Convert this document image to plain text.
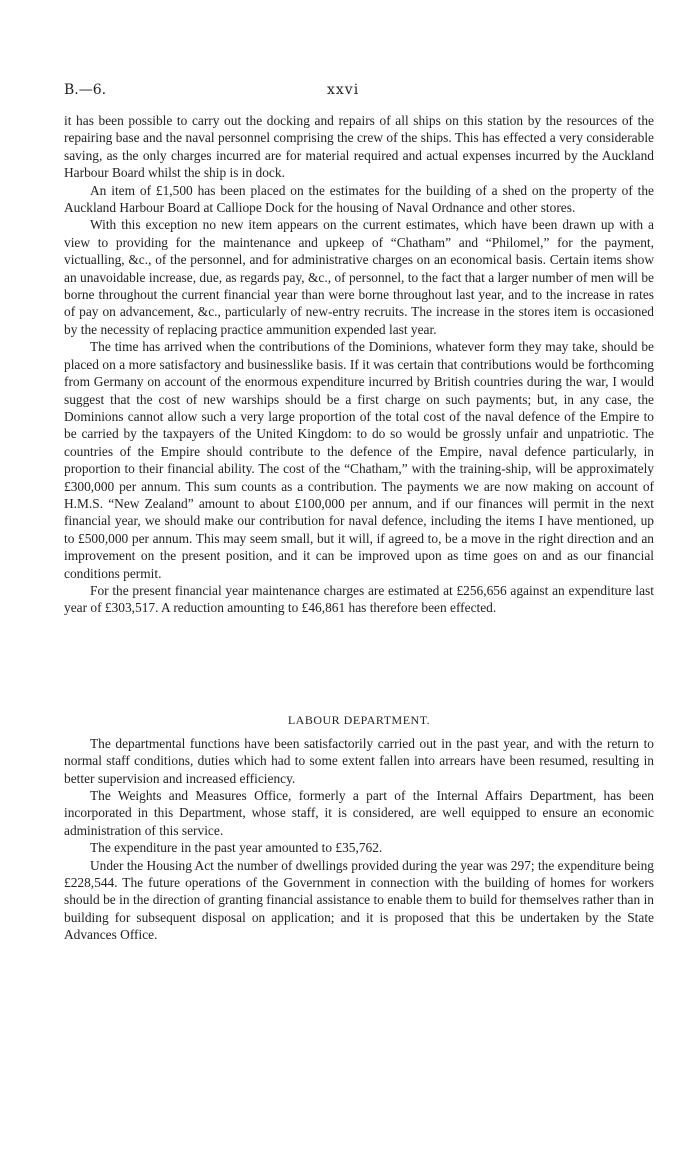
B.—6.	xxvi

it has been possible to carry out the docking and repairs of all ships on this station by the resources of the repairing base and the naval personnel comprising the crew of the ships. This has effected a very considerable saving, as the only charges incurred are for material required and actual expenses incurred by the Auckland Harbour Board whilst the ship is in dock.

An item of £1,500 has been placed on the estimates for the building of a shed on the property of the Auckland Harbour Board at Calliope Dock for the housing of Naval Ordnance and other stores.

With this exception no new item appears on the current estimates, which have been drawn up with a view to providing for the maintenance and upkeep of “Chatham” and “Philomel,” for the payment, victualling, &c., of the personnel, and for administrative charges on an economical basis. Certain items show an unavoidable increase, due, as regards pay, &c., of personnel, to the fact that a larger number of men will be borne throughout the current financial year than were borne throughout last year, and to the increase in rates of pay on advancement, &c., particularly of new-entry recruits. The increase in the stores item is occasioned by the necessity of replacing practice ammunition expended last year.

The time has arrived when the contributions of the Dominions, whatever form they may take, should be placed on a more satisfactory and businesslike basis. If it was certain that contributions would be forthcoming from Germany on account of the enormous expenditure incurred by British countries during the war, I would suggest that the cost of new warships should be a first charge on such payments; but, in any case, the Dominions cannot allow such a very large proportion of the total cost of the naval defence of the Empire to be carried by the taxpayers of the United Kingdom: to do so would be grossly unfair and unpatriotic. The countries of the Empire should contribute to the defence of the Empire, naval defence particularly, in proportion to their financial ability. The cost of the “Chatham,” with the training-ship, will be approximately £300,000 per annum. This sum counts as a contribution. The payments we are now making on account of H.M.S. “New Zealand” amount to about £100,000 per annum, and if our finances will permit in the next financial year, we should make our contribution for naval defence, including the items I have mentioned, up to £500,000 per annum. This may seem small, but it will, if agreed to, be a move in the right direction and an improvement on the present position, and it can be improved upon as time goes on and as our financial conditions permit.

For the present financial year maintenance charges are estimated at £256,656 against an expenditure last year of £303,517. A reduction amounting to £46,861 has therefore been effected.

LABOUR DEPARTMENT.

The departmental functions have been satisfactorily carried out in the past year, and with the return to normal staff conditions, duties which had to some extent fallen into arrears have been resumed, resulting in better supervision and increased efficiency.

The Weights and Measures Office, formerly a part of the Internal Affairs Department, has been incorporated in this Department, whose staff, it is considered, are well equipped to ensure an economic administration of this service.

The expenditure in the past year amounted to £35,762.

Under the Housing Act the number of dwellings provided during the year was 297; the expenditure being £228,544. The future operations of the Government in connection with the building of homes for workers should be in the direction of granting financial assistance to enable them to build for themselves rather than in building for subsequent disposal on application; and it is proposed that this be undertaken by the State Advances Office.
